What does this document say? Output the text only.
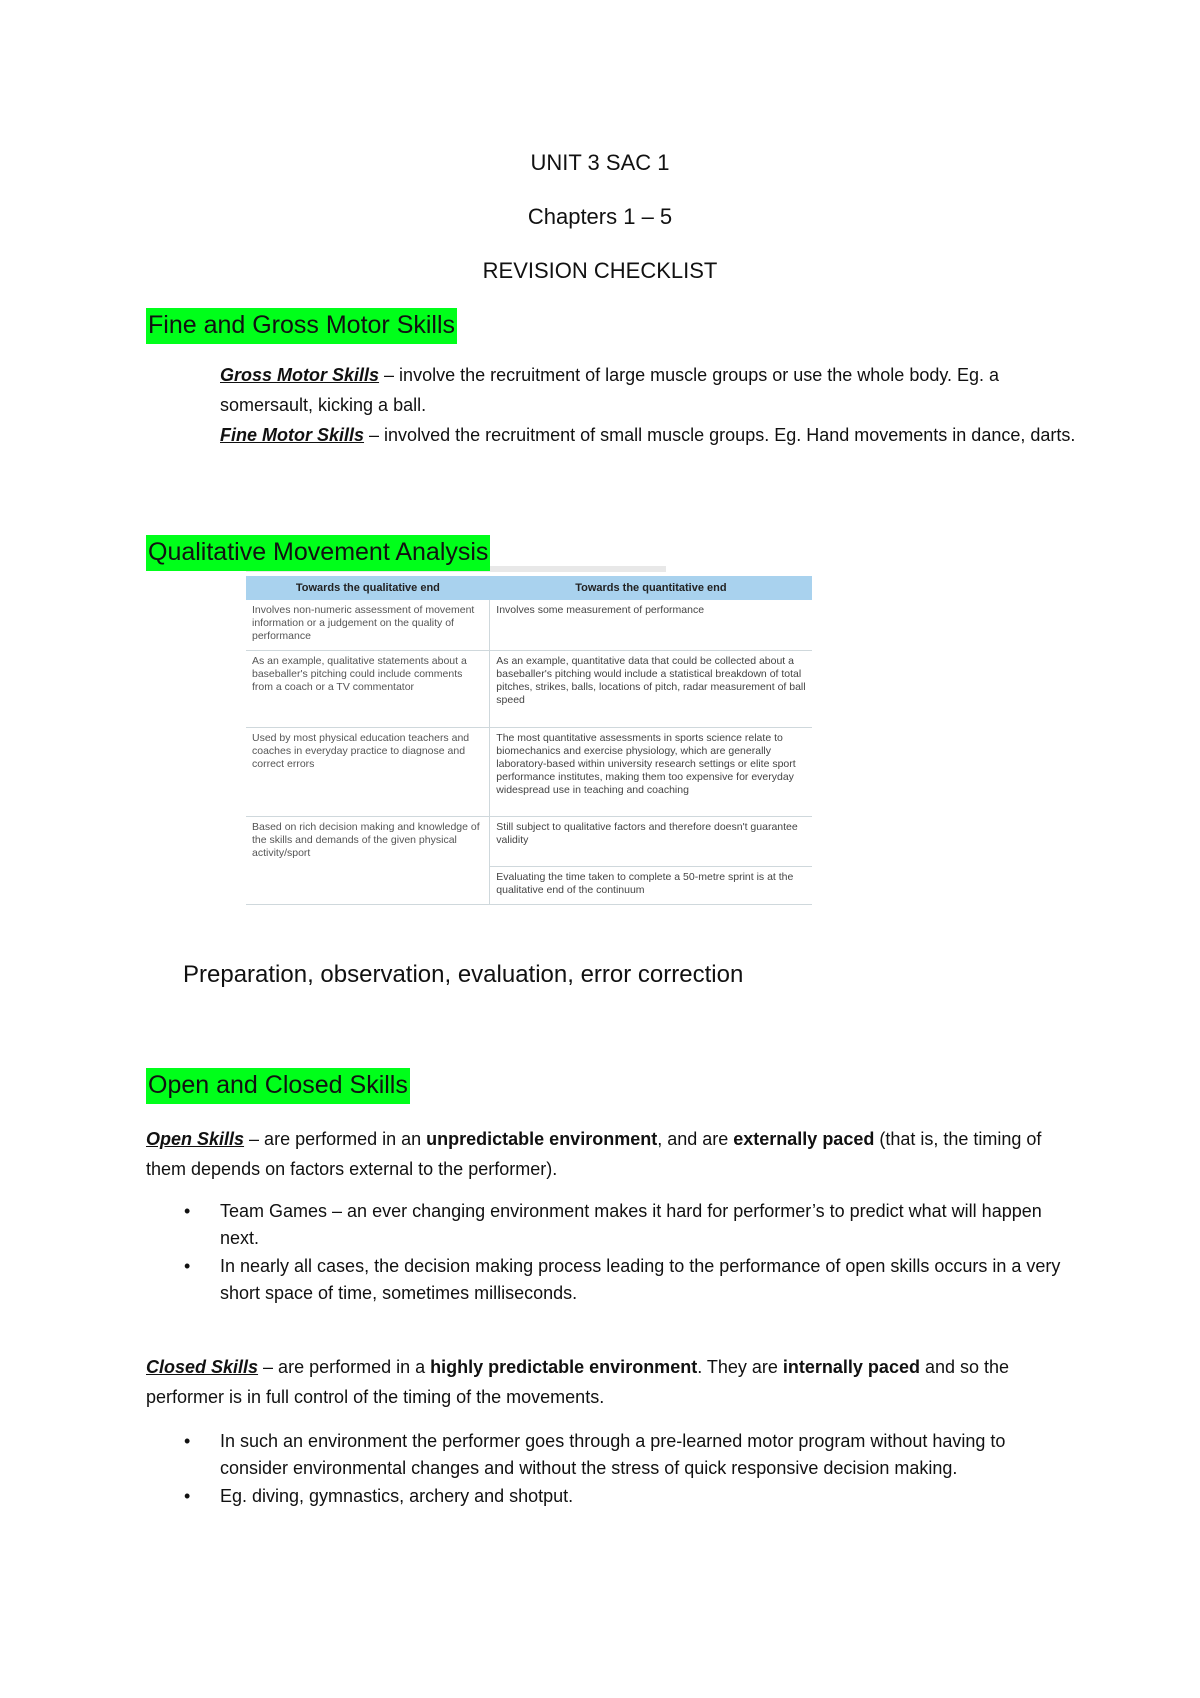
UNIT 3 SAC 1
Chapters 1 – 5
REVISION CHECKLIST
Fine and Gross Motor Skills
Gross Motor Skills – involve the recruitment of large muscle groups or use the whole body. Eg. a somersault, kicking a ball.
Fine Motor Skills – involved the recruitment of small muscle groups. Eg. Hand movements in dance, darts.
Qualitative Movement Analysis
Towards the qualitative end	Towards the quantitative end
Involves non-numeric assessment of movement information or a judgement on the quality of performance	Involves some measurement of performance
As an example, qualitative statements about a baseballer's pitching could include comments from a coach or a TV commentator	As an example, quantitative data that could be collected about a baseballer's pitching would include a statistical breakdown of total pitches, strikes, balls, locations of pitch, radar measurement of ball speed
Used by most physical education teachers and coaches in everyday practice to diagnose and correct errors	The most quantitative assessments in sports science relate to biomechanics and exercise physiology, which are generally laboratory-based within university research settings or elite sport performance institutes, making them too expensive for everyday widespread use in teaching and coaching
Based on rich decision making and knowledge of the skills and demands of the given physical activity/sport	Still subject to qualitative factors and therefore doesn't guarantee validity
	Evaluating the time taken to complete a 50-metre sprint is at the qualitative end of the continuum
Preparation, observation, evaluation, error correction
Open and Closed Skills
Open Skills – are performed in an unpredictable environment, and are externally paced (that is, the timing of them depends on factors external to the performer).
• Team Games – an ever changing environment makes it hard for performer’s to predict what will happen next.
• In nearly all cases, the decision making process leading to the performance of open skills occurs in a very short space of time, sometimes milliseconds.
Closed Skills – are performed in a highly predictable environment. They are internally paced and so the performer is in full control of the timing of the movements.
• In such an environment the performer goes through a pre-learned motor program without having to consider environmental changes and without the stress of quick responsive decision making.
• Eg. diving, gymnastics, archery and shotput.
